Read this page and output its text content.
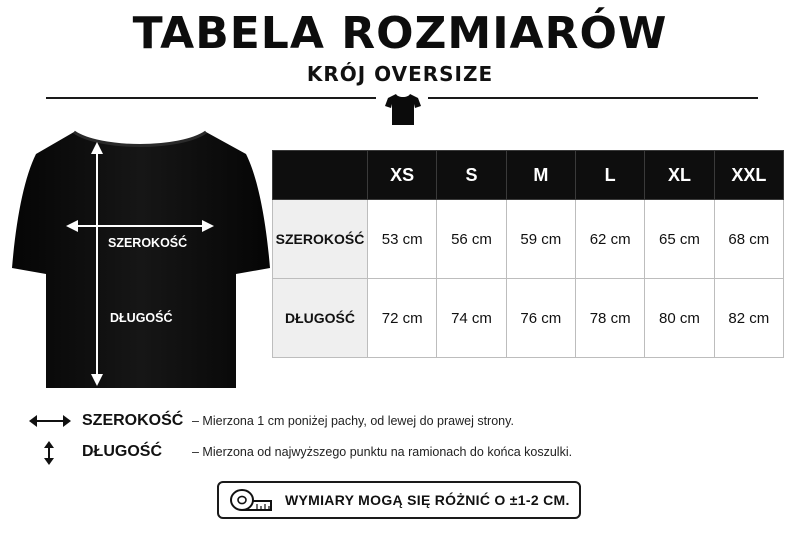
TABELA ROZMIARÓW
KRÓJ OVERSIZE
SZEROKOŚĆ
DŁUGOŚĆ
	XS	S	M	L	XL	XXL
SZEROKOŚĆ	53 cm	56 cm	59 cm	62 cm	65 cm	68 cm
DŁUGOŚĆ	72 cm	74 cm	76 cm	78 cm	80 cm	82 cm
SZEROKOŚĆ – Mierzona 1 cm poniżej pachy, od lewej do prawej strony.
DŁUGOŚĆ – Mierzona od najwyższego punktu na ramionach do końca koszulki.
WYMIARY MOGĄ SIĘ RÓŻNIĆ O ±1-2 CM.
